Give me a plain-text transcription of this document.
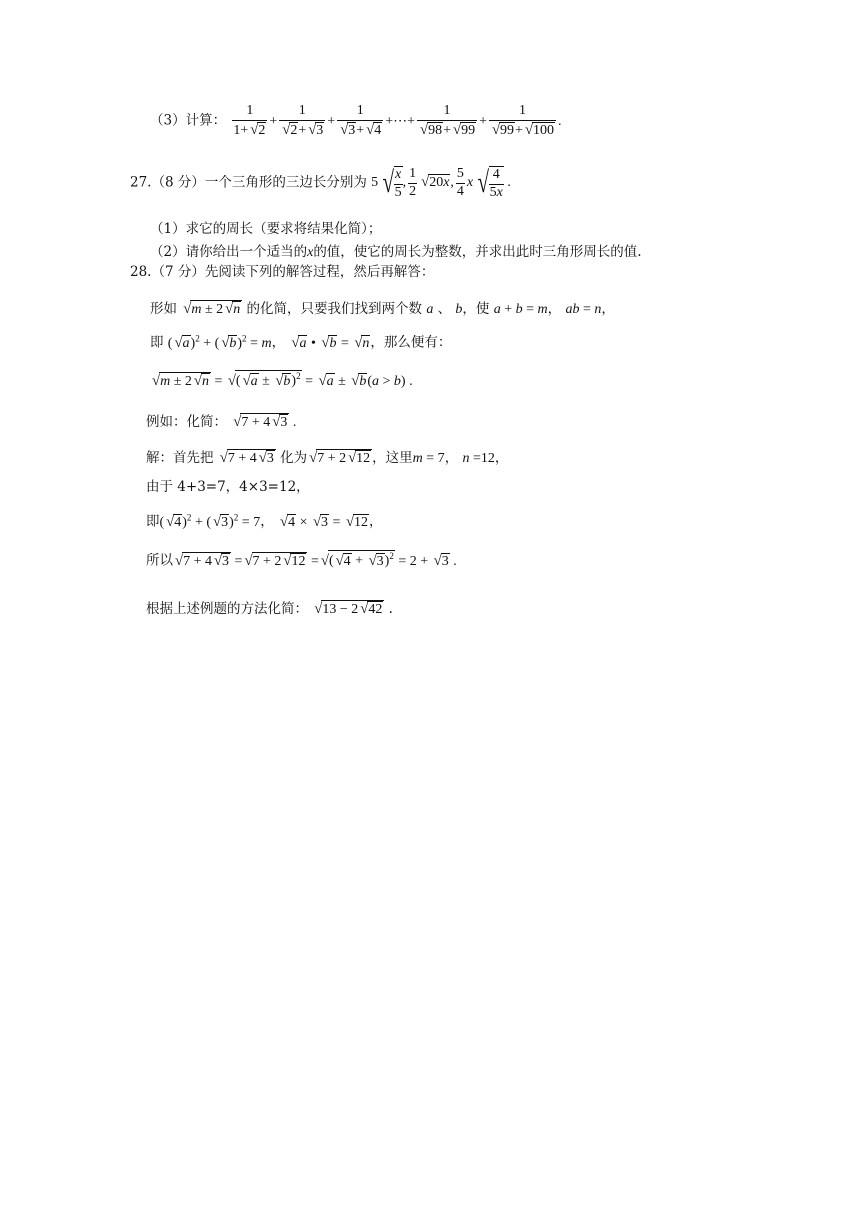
（3）计算： $\frac{1}{1+ √ 2} + 1$
√ 2+ √ 3 + 1
√ 3+ √ 4 +⋯+ 1
√ 98+ √ 99 + 1
√ 99+ √ 100 .
27.（8 分）一个三角形的三边长分别为 5 √ $\frac{x}{5}$ , $\frac{1}{2}$ √ 20x, $\frac{5}{4}$ x √ $\frac{4}{5x}$ .
（1）求它的周长（要求将结果化简）；
（2）请你给出一个适当的x的值，使它的周长为整数，并求出此时三角形周长的值.
28.（7 分）先阅读下列的解答过程，然后再解答：
形如 √ m ± 2 √ n 的化简，只要我们找到两个数 a 、 b，使 a + b = m， ab = n，
即 ( √ a)$^2$ + ( √ b)$^2$ = m， √ a • √ b = √ n，那么便有：
√ m ± 2 √ n = √ ( √ a ± √ b)$^2$ = √ a ± √ b(a > b) .
例如：化简： √ 7 + 4 √ 3 .
解：首先把 √ 7 + 4 √ 3 化为 √ 7 + 2 √ 12 ，这里m = 7， n =12，
由于 4+3=7，4×3=12，
即( √ 4)$^2$ + ( √ 3)$^2$ = 7， √ 4 × √ 3 = √ 12，
所以 √ 7 + 4 √ 3 = √ 7 + 2 √ 12 = √ ( √ 4 + √ 3)$^2$ = 2 + √ 3 .
根据上述例题的方法化简： √ 13 − 2 √ 42 .
